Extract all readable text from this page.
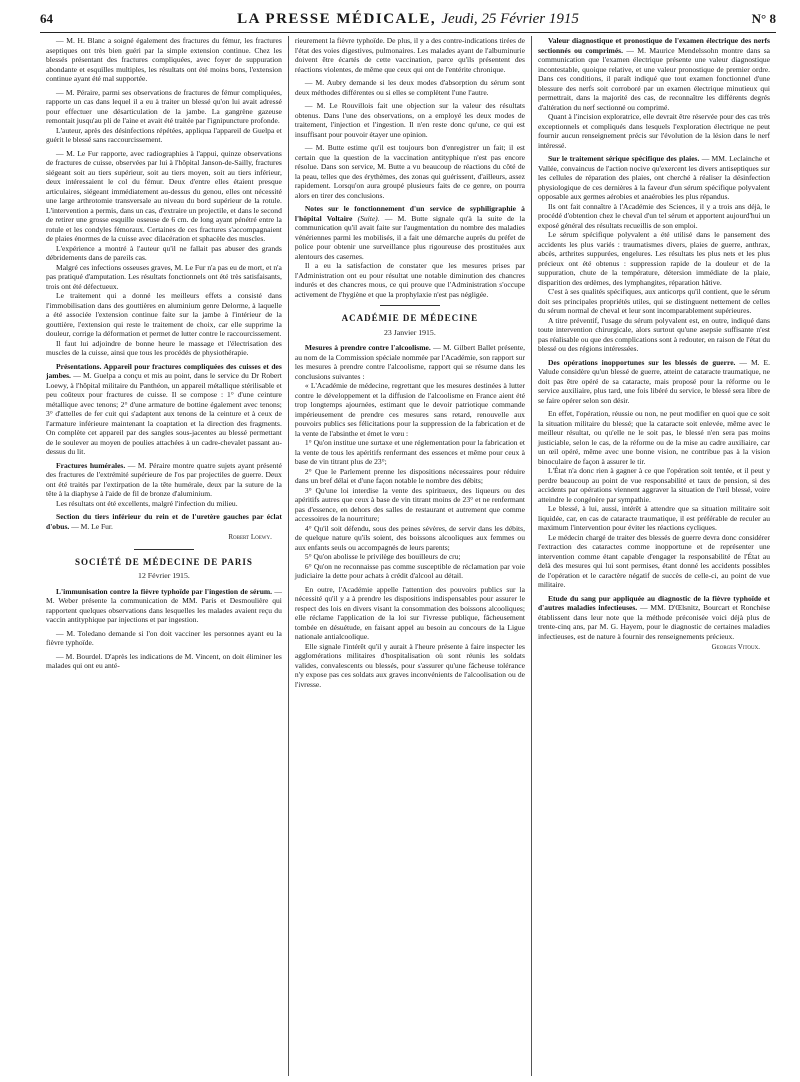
64	LA PRESSE MÉDICALE, Jeudi, 25 Février 1915	N° 8

— M. H. Blanc a soigné également des fractures du fémur, les fractures aseptiques ont très bien guéri par la simple extension continue. Chez les blessés présentant des fractures compliquées, avec foyer de suppuration abondante et esquilles multiples, les résultats ont été moins bons, l'extension continue ayant été mal supportée.

— M. Péraire, parmi ses observations de fractures de fémur compliquées, rapporte un cas dans lequel il a eu à traiter un blessé qu'on lui avait adressé pour effectuer une désarticulation de la jambe. La gangrène gazeuse remontait jusqu'au pli de l'aine et avait été traitée par l'ignipuncture profonde.

L'auteur, après des désinfections répétées, appliqua l'appareil de Guelpa et guérit le blessé sans raccourcissement.

— M. Le Fur rapporte, avec radiographies à l'appui, quinze observations de fractures de cuisse, observées par lui à l'hôpital Janson-de-Sailly, fractures siégeant soit au tiers supérieur, soit au tiers moyen, soit au tiers inférieur, deux intéressaient le col du fémur. Deux d'entre elles étaient presque articulaires, siégeant immédiatement au-dessus du genou, elles ont nécessité une large arthrotomie transversale au niveau du bord supérieur de la rotule. L'intervention a permis, dans un cas, d'extraire un projectile, et dans le second de retirer une grosse esquille osseuse de 6 cm. de long ayant pénétré entre la rotule et les condyles fémoraux. Certaines de ces fractures s'accompagnaient de plaies énormes de la cuisse avec dilacération et sphacèle des muscles.

L'expérience a montré à l'auteur qu'il ne fallait pas abuser des grands débridements dans de pareils cas.

Malgré ces infections osseuses graves, M. Le Fur n'a pas eu de mort, et n'a pas pratiqué d'amputation. Les résultats fonctionnels ont été très satisfaisants, trois ont été défectueux.

Le traitement qui a donné les meilleurs effets a consisté dans l'immobilisation dans des gouttières en aluminium genre Delorme, à laquelle a été associée l'extension continue faite sur la jambe à l'intérieur de la gouttière, l'extension qui reste le traitement de choix, car elle supprime la douleur, corrige la déformation et permet de lutter contre le raccourcissement.

Il faut lui adjoindre de bonne heure le massage et l'électrisation des muscles de la cuisse, ainsi que tous les procédés de physiothérapie.

Présentations. Appareil pour fractures compliquées des cuisses et des jambes. — M. Guelpa a conçu et mis au point, dans le service du Dr Robert Loewy, à l'hôpital militaire du Panthéon, un appareil métallique stérilisable et peu coûteux pour fractures de cuisse. Il se compose : 1° d'une ceinture métallique avec tenons; 2° d'une armature de bottine également avec tenons; 3° d'attelles de fer cuit qui s'adaptent aux tenons de la ceinture et à ceux de l'armature inférieure maintenant la coaptation et la direction des fragments. On complète cet appareil par des sangles sous-jacentes au blessé permettant de le soulever au moyen de poulies attachées à un cadre-chevalet passant au-dessus du lit.

Fractures humérales. — M. Péraire montre quatre sujets ayant présenté des fractures de l'extrémité supérieure de l'os par projectiles de guerre. Deux ont été traités par l'extirpation de la tête humérale, deux par la suture de la tête à la diaphyse à l'aide de fil de bronze d'aluminium.

Les résultats ont été excellents, malgré l'infection du milieu.

Section du tiers inférieur du rein et de l'uretère gauches par éclat d'obus. — M. Le Fur.

Robert Loewy.
SOCIÉTÉ DE MÉDECINE DE PARIS
12 Février 1915.

L'immunisation contre la fièvre typhoïde par l'ingestion de sérum. — M. Weber présente la communication de MM. Paris et Desmoulière qui rapportent quelques observations dans lesquelles les malades avaient reçu du vaccin antityphique par injections et par ingestion.

— M. Toledano demande si l'on doit vacciner les personnes ayant eu la fièvre typhoïde.

— M. Bourdel. D'après les indications de M. Vincent, on doit éliminer les malades qui ont eu anté-

rieurement la fièvre typhoïde. De plus, il y a des contre-indications tirées de l'état des voies digestives, pulmonaires. Les malades ayant de l'albuminurie doivent être écartés de cette vaccination, parce qu'ils présentent des réactions violentes, de même que ceux qui ont de l'entérite chronique.

— M. Aubry demande si les deux modes d'absorption du sérum sont deux méthodes différentes ou si elles se complètent l'une l'autre.

— M. Le Rouvillois fait une objection sur la valeur des résultats obtenus. Dans l'une des observations, on a employé les deux modes de traitement, l'injection et l'ingestion. Il n'en reste donc qu'une, ce qui est insuffisant pour pouvoir étayer une opinion.

— M. Butte estime qu'il est toujours bon d'enregistrer un fait; il est certain que la question de la vaccination antityphique n'est pas encore résolue. Dans son service, M. Butte a vu beaucoup de réactions du côté de la peau, telles que des érythèmes, des zonas qui guérissent, d'ailleurs, assez rapidement. Lorsqu'on aura groupé plusieurs faits de ce genre, on pourra alors en tirer des conclusions.

Notes sur le fonctionnement d'un service de syphiligraphie à l'hôpital Voltaire (Suite). — M. Butte signale qu'à la suite de la communication qu'il avait faite sur l'augmentation du nombre des maladies vénériennes parmi les mobilisés, il a fait une démarche auprès du préfet de police pour obtenir une surveillance plus rigoureuse des prostituées aux alentours des casernes.

Il a eu la satisfaction de constater que les mesures prises par l'Administration ont eu pour résultat une notable diminution des chancres indurés et des chancres mous, ce qui prouve que l'Administration s'occupe activement de l'hygiène et que la prophylaxie n'est pas négligée.

ACADÉMIE DE MÉDECINE
23 Janvier 1915.

Mesures à prendre contre l'alcoolisme. — M. Gilbert Ballet présente, au nom de la Commission spéciale nommée par l'Académie, son rapport sur les mesures à prendre contre l'alcoolisme, rapport qui se résume dans les conclusions suivantes :

« L'Académie de médecine, regrettant que les mesures destinées à lutter contre le développement et la diffusion de l'alcoolisme en France aient été trop longtemps ajournées, estimant que le devoir patriotique commande impérieusement de prendre ces mesures sans retard, renouvelle aux pouvoirs publics ses félicitations pour la suppression de la fabrication et de la vente de l'absinthe et émet le vœu :

1° Qu'on institue une surtaxe et une réglementation pour la fabrication et la vente de tous les apéritifs renfermant des essences et même pour ceux à base de vin titrant plus de 23°;

2° Que le Parlement prenne les dispositions nécessaires pour réduire dans un bref délai et d'une façon notable le nombre des débits;

3° Qu'une loi interdise la vente des spiritueux, des liqueurs ou des apéritifs autres que ceux à base de vin titrant moins de 23° et ne renfermant pas d'essence, en dehors des salles de restaurant et autrement que comme accessoires de la nourriture;

4° Qu'il soit défendu, sous des peines sévères, de servir dans les débits, de quelque nature qu'ils soient, des boissons alcooliques aux femmes ou aux enfants seuls ou accompagnés de leurs parents;

5° Qu'on abolisse le privilège des bouilleurs de cru;

6° Qu'on ne reconnaisse pas comme susceptible de réclamation par voie judiciaire la dette pour achats à crédit d'alcool au détail.

En outre, l'Académie appelle l'attention des pouvoirs publics sur la nécessité qu'il y a à prendre les dispositions indispensables pour assurer le respect des lois en divers visant la consommation des boissons alcooliques; elle réclame l'application de la loi sur l'ivresse publique, fâcheusement tombée en désuétude, en faisant appel au besoin au concours de la Ligue nationale antialcoolique.

Elle signale l'intérêt qu'il y aurait à l'heure présente à faire inspecter les agglomérations militaires d'hospitalisation où sont réunis les soldats valides, convalescents ou blessés, pour s'assurer qu'une fâcheuse tolérance n'y expose pas ces soldats aux graves inconvénients de l'alcoolisation ou de l'ivresse.

Valeur diagnostique et pronostique de l'examen électrique des nerfs sectionnés ou comprimés. — M. Maurice Mendelssohn montre dans sa communication que l'examen électrique présente une valeur diagnostique incontestable, quoique relative, et une valeur pronostique de premier ordre. Dans ces conditions, il paraît indiqué que tout examen fonctionnel d'une blessure des nerfs soit corroboré par un examen électrique minutieux qui permettrait, dans la majorité des cas, de reconnaître les différents degrés d'altération du nerf sectionné ou comprimé.

Quant à l'incision exploratrice, elle devrait être réservée pour des cas très exceptionnels et compliqués dans lesquels l'exploration électrique ne peut fournir aucun renseignement précis sur l'évolution de la lésion dans le nerf intéressé.

Sur le traitement sérique spécifique des plaies. — MM. Leclainche et Vallée, convaincus de l'action nocive qu'exercent les divers antiseptiques sur les cellules de réparation des plaies, ont cherché à réaliser la désinfection physiologique de ces dernières à la faveur d'un sérum spécifique polyvalent opposable aux germes aérobies et anaérobies les plus répandus.

Ils ont fait connaître à l'Académie des Sciences, il y a trois ans déjà, le procédé d'obtention chez le cheval d'un tel sérum et apportent aujourd'hui un exposé général des résultats recueillis de son emploi.

Le sérum spécifique polyvalent a été utilisé dans le pansement des accidents les plus variés : traumatismes divers, plaies de guerre, anthrax, abcès, arthrites suppurées, engelures. Les résultats les plus nets et les plus précieux ont été obtenus : suppression rapide de la douleur et de la suppuration, chute de la température, détersion immédiate de la plaie, disparition des œdèmes, des lymphangites, réparation hâtive.

C'est à ses qualités spécifiques, aux anticorps qu'il contient, que le sérum doit ses principales propriétés utiles, qui se distinguent nettement de celles du sérum normal de cheval et leur sont incomparablement supérieures.

A titre préventif, l'usage du sérum polyvalent est, en outre, indiqué dans toute intervention chirurgicale, alors surtout qu'une asepsie suffisante n'est pas réalisable ou que des complications sont à redouter, en raison de l'état du blessé ou des régions intéressées.

Des opérations inopportunes sur les blessés de guerre. — M. E. Valude considère qu'un blessé de guerre, atteint de cataracte traumatique, ne doit pas être opéré de sa cataracte, mais proposé pour la réforme ou le service auxiliaire, plus tard, une fois libéré du service, le blessé sera libre de se faire opérer selon son désir.

En effet, l'opération, réussie ou non, ne peut modifier en quoi que ce soit la situation militaire du blessé; que la cataracte soit enlevée, même avec le meilleur résultat, ou qu'elle ne le soit pas, le blessé n'en sera pas moins justiciable, selon le cas, de la réforme ou de la mise au cadre auxiliaire, car un œil opéré, même avec une bonne vision, ne contribue pas à la vision binoculaire de façon à assurer le tir.

L'État n'a donc rien à gagner à ce que l'opération soit tentée, et il peut y perdre beaucoup au point de vue responsabilité et taux de pension, si des accidents par opérations viennent aggraver la situation de l'œil blessé, voire atteindre le congénère par sympathie.

Le blessé, à lui, aussi, intérêt à attendre que sa situation militaire soit liquidée, car, en cas de cataracte traumatique, il est préférable de reculer au maximum l'intervention pour éviter les réactions cycliques.

Le médecin chargé de traiter des blessés de guerre devra donc considérer l'extraction des cataractes comme inopportune et de représenter une intervention comme étant capable d'engager la responsabilité de l'État au delà des mesures qui lui sont permises, étant donné les accidents possibles de l'opération et le caractère négatif de succès de celle-ci, au point de vue militaire.

Etude du sang pur appliquée au diagnostic de la fièvre typhoïde et d'autres maladies infectieuses. — MM. D'Œlsnitz, Bourcart et Ronchèse établissent dans leur note que la méthode préconisée voici déjà plus de trente-cinq ans, par M. G. Hayem, pour le diagnostic de certaines maladies infectieuses, est de nature à fournir des renseignements précieux.

Georges Vitoux.
